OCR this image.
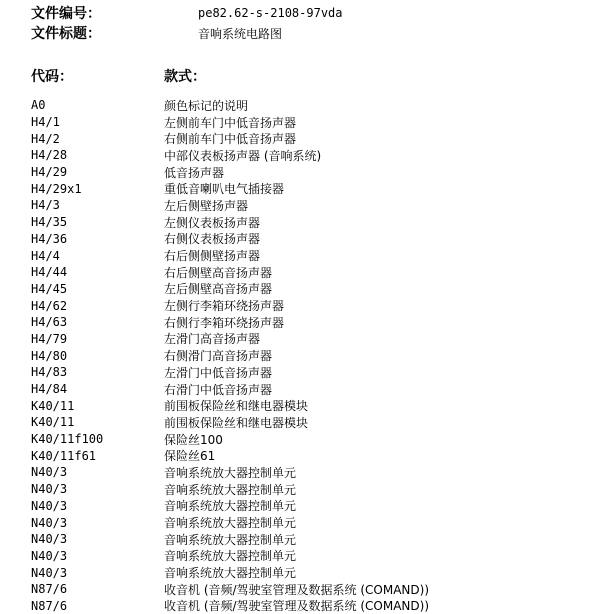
文件编号：	pe82.62-s-2108-97vda
文件标题：	音响系统电路图
代码：	款式：
A0	颜色标记的说明
H4/1	左侧前车门中低音扬声器
H4/2	右侧前车门中低音扬声器
H4/28	中部仪表板扬声器 (音响系统)
H4/29	低音扬声器
H4/29x1	重低音喇叭电气插接器
H4/3	左后侧壁扬声器
H4/35	左侧仪表板扬声器
H4/36	右侧仪表板扬声器
H4/4	右后侧侧壁扬声器
H4/44	右后侧壁高音扬声器
H4/45	左后侧壁高音扬声器
H4/62	左侧行李箱环绕扬声器
H4/63	右侧行李箱环绕扬声器
H4/79	左滑门高音扬声器
H4/80	右侧滑门高音扬声器
H4/83	左滑门中低音扬声器
H4/84	右滑门中低音扬声器
K40/11	前围板保险丝和继电器模块
K40/11	前围板保险丝和继电器模块
K40/11f100	保险丝100
K40/11f61	保险丝61
N40/3	音响系统放大器控制单元
N40/3	音响系统放大器控制单元
N40/3	音响系统放大器控制单元
N40/3	音响系统放大器控制单元
N40/3	音响系统放大器控制单元
N40/3	音响系统放大器控制单元
N40/3	音响系统放大器控制单元
N87/6	收音机 (音频/驾驶室管理及数据系统 (COMAND))
N87/6	收音机 (音频/驾驶室管理及数据系统 (COMAND))
